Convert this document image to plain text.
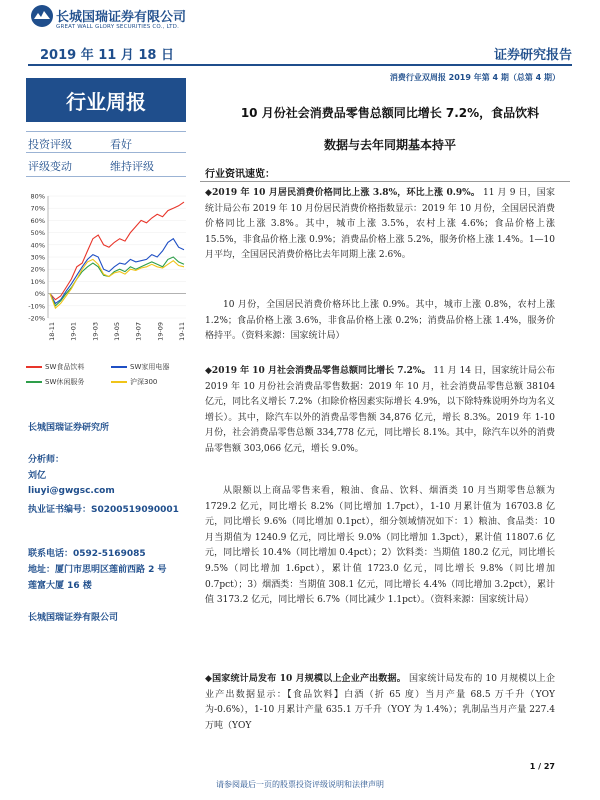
长城国瑞证券有限公司
GREAT WALL GLORY SECURITIES CO., LTD.
2019 年 11 月 18 日	证券研究报告
消费行业双周报 2019 年第 4 期（总第 4 期）
行业周报	10 月份社会消费品零售总额同比增长 7.2%，食品饮料
数据与去年同期基本持平
投资评级	看好
评级变动	维持评级
80%
70%
60%
50%
40%
30%
20%
10%
0%
-10%
-20%
18-11 19-01 19-03 19-05 19-07 19-09 19-11
SW食品饮料	SW家用电器
SW休闲服务	沪深300
长城国瑞证券研究所
分析师：
刘亿
liuyi@gwgsc.com
执业证书编号：S0200519090001
联系电话：0592-5169085
地址：厦门市思明区莲前西路 2 号
莲富大厦 16 楼
长城国瑞证券有限公司
行业资讯速览：
◆2019 年 10 月居民消费价格同比上涨 3.8%，环比上涨 0.9%。 11 月 9 日，国家统计局公布 2019 年 10 月份居民消费价格指数显示：2019 年 10 月份，全国居民消费价格同比上涨 3.8%。其中，城市上涨 3.5%，农村上涨 4.6%；食品价格上涨 15.5%，非食品价格上涨 0.9%；消费品价格上涨 5.2%，服务价格上涨 1.4%。1—10 月平均，全国居民消费价格比去年同期上涨 2.6%。
10 月份，全国居民消费价格环比上涨 0.9%。其中，城市上涨 0.8%，农村上涨 1.2%；食品价格上涨 3.6%，非食品价格上涨 0.2%；消费品价格上涨 1.4%，服务价格持平。（资料来源：国家统计局）
◆2019 年 10 月社会消费品零售总额同比增长 7.2%。 11 月 14 日，国家统计局公布 2019 年 10 月份社会消费品零售数据：2019 年 10 月，社会消费品零售总额 38104 亿元，同比名义增长 7.2%（扣除价格因素实际增长 4.9%，以下除特殊说明外均为名义增长）。其中，除汽车以外的消费品零售额 34,876 亿元，增长 8.3%。2019 年 1-10 月份，社会消费品零售总额 334,778 亿元，同比增长 8.1%。其中，除汽车以外的消费品零售额 303,066 亿元，增长 9.0%。
从限额以上商品零售来看，粮油、食品、饮料、烟酒类 10 月当期零售总额为 1729.2 亿元，同比增长 8.2%（同比增加 1.7pct），1-10 月累计值为 16703.8 亿元，同比增长 9.6%（同比增加 0.1pct），细分领域情况如下：1）粮油、食品类：10 月当期值为 1240.9 亿元，同比增长 9.0%（同比增加 1.3pct），累计值 11807.6 亿元，同比增长 10.4%（同比增加 0.4pct）；2）饮料类：当期值 180.2 亿元，同比增长 9.5%（同比增加 1.6pct），累计值 1723.0 亿元，同比增长 9.8%（同比增加 0.7pct）；3）烟酒类：当期值 308.1 亿元，同比增长 4.4%（同比增加 3.2pct），累计值 3173.2 亿元，同比增长 6.7%（同比减少 1.1pct）。（资料来源：国家统计局）
◆国家统计局发布 10 月规模以上企业产出数据。 国家统计局发布的 10 月规模以上企业产出数据显示：【食品饮料】白酒（折 65 度）当月产量 68.5 万千升（YOY 为-0.6%），1-10 月累计产量 635.1 万千升（YOY 为 1.4%）；乳制品当月产量 227.4 万吨（YOY
1 / 27
请参阅最后一页的股票投资评级说明和法律声明
